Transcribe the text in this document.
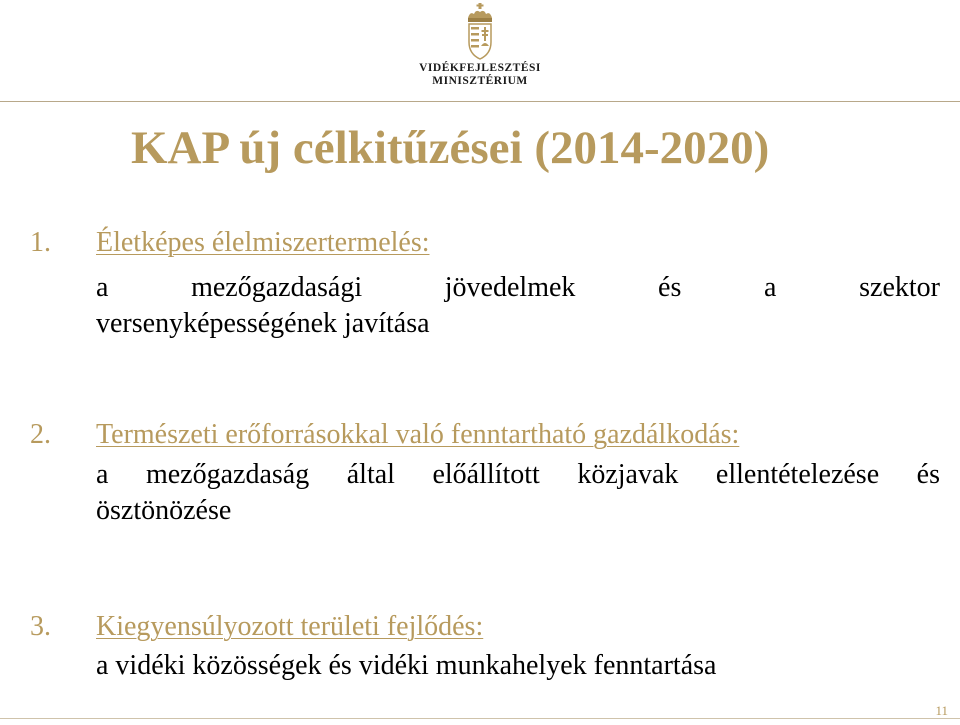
VIDÉKFEJLESZTÉSI
MINISZTÉRIUM
KAP új célkitűzései (2014-2020)
1.	Életképes élelmiszertermelés:
a mezőgazdasági jövedelmek és a szektor
versenyképességének javítása
2.	Természeti erőforrásokkal való fenntartható gazdálkodás:
a mezőgazdaság által előállított közjavak ellentételezése és
ösztönözése
3.	Kiegyensúlyozott területi fejlődés:
a vidéki közösségek és vidéki munkahelyek fenntartása
11
